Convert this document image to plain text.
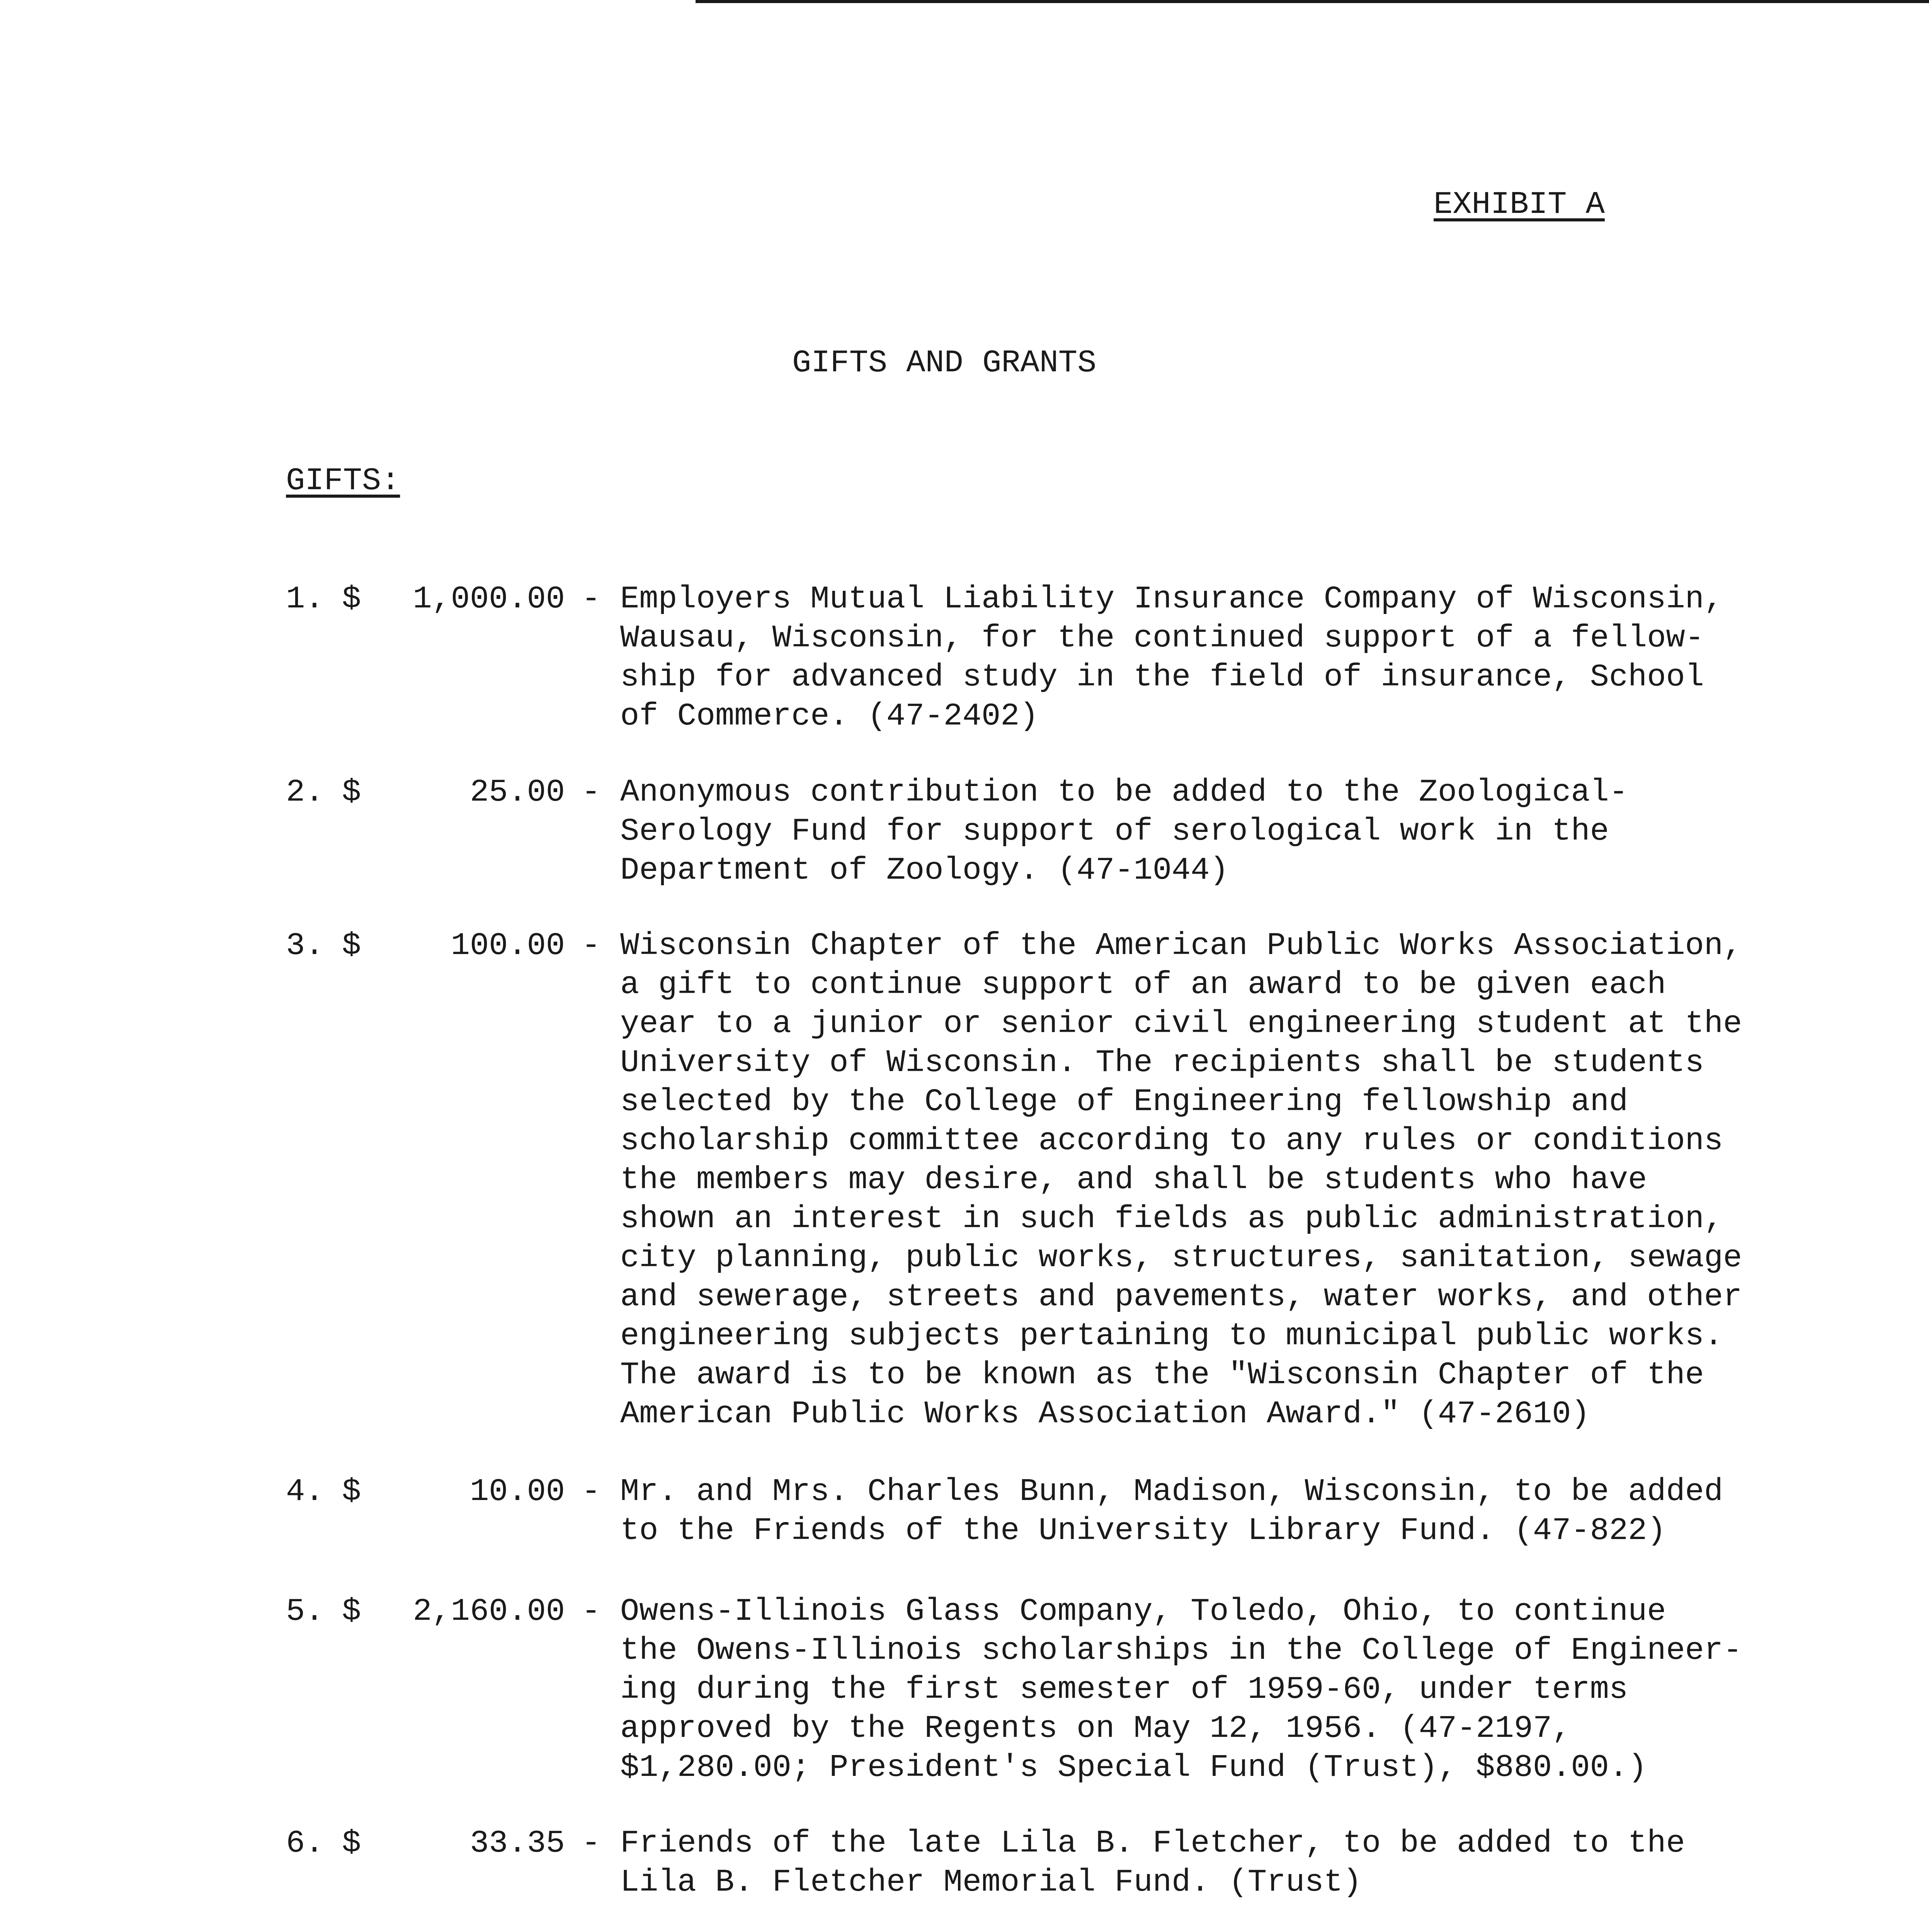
EXHIBIT A
GIFTS AND GRANTS
GIFTS:
1. $ 1,000.00 - Employers Mutual Liability Insurance Company of Wisconsin,
Wausau, Wisconsin, for the continued support of a fellow-
ship for advanced study in the field of insurance, School
of Commerce. (47-2402)
2. $	25.00 - Anonymous contribution to be added to the Zoological-
Serology Fund for support of serological work in the
Department of Zoology. (47-1044)
3. $	100.00 - Wisconsin Chapter of the American Public Works Association,
a gift to continue support of an award to be given each
year to a junior or senior civil engineering student at the
University of Wisconsin. The recipients shall be students
selected by the College of Engineering fellowship and
scholarship committee according to any rules or conditions
the members may desire, and shall be students who have
shown an interest in such fields as public administration,
city planning, public works, structures, sanitation, sewage
and sewerage, streets and pavements, water works, and other
engineering subjects pertaining to municipal public works.
The award is to be known as the "Wisconsin Chapter of the
American Public Works Association Award." (47-2610)
4. $	10.00 - Mr. and Mrs. Charles Bunn, Madison, Wisconsin, to be added
to the Friends of the University Library Fund. (47-822)
5. $ 2,160.00 - Owens-Illinois Glass Company, Toledo, Ohio, to continue
the Owens-Illinois scholarships in the College of Engineer-
ing during the first semester of 1959-60, under terms
approved by the Regents on May 12, 1956. (47-2197,
$1,280.00; President's Special Fund (Trust), $880.00.)
6. $	33.35 - Friends of the late Lila B. Fletcher, to be added to the
Lila B. Fletcher Memorial Fund. (Trust)
